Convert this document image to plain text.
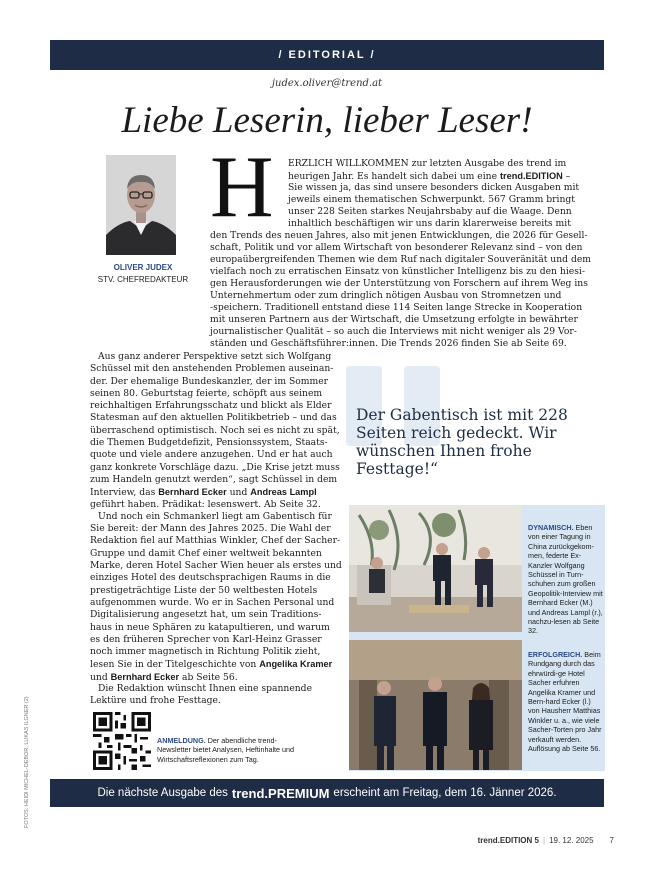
/ EDITORIAL /
judex.oliver@trend.at
Liebe Leserin, lieber Leser!
OLIVER JUDEX
STV. CHEFREDAKTEUR
H ERZLICH WILLKOMMEN zur letzten Ausgabe des trend im
heurigen Jahr. Es handelt sich dabei um eine trend.EDITION –
Sie wissen ja, das sind unsere besonders dicken Ausgaben mit
jeweils einem thematischen Schwerpunkt. 567 Gramm bringt
unser 228 Seiten starkes Neujahrsbaby auf die Waage. Denn
inhaltlich beschäftigen wir uns darin klarerweise bereits mit
den Trends des neuen Jahres, also mit jenen Entwicklungen, die 2026 für Gesell-
schaft, Politik und vor allem Wirtschaft von besonderer Relevanz sind – von den
europaübergreifenden Themen wie dem Ruf nach digitaler Souveränität und dem
vielfach noch zu erratischen Einsatz von künstlicher Intelligenz bis zu den hiesi-
gen Herausforderungen wie der Unterstützung von Forschern auf ihrem Weg ins
Unternehmertum oder zum dringlich nötigen Ausbau von Stromnetzen und
-speichern. Traditionell entstand diese 114 Seiten lange Strecke in Kooperation
mit unseren Partnern aus der Wirtschaft, die Umsetzung erfolgte in bewährter
journalistischer Qualität – so auch die Interviews mit nicht weniger als 29 Vor-
ständen und Geschäftsführer:innen. Die Trends 2026 finden Sie ab Seite 69.
Aus ganz anderer Perspektive setzt sich Wolfgang
Schüssel mit den anstehenden Problemen auseinan-
der. Der ehemalige Bundeskanzler, der im Sommer
seinen 80. Geburtstag feierte, schöpft aus seinem
reichhaltigen Erfahrungsschatz und blickt als Elder
Statesman auf den aktuellen Politikbetrieb – und das
überraschend optimistisch. Noch sei es nicht zu spät,
die Themen Budgetdefizit, Pensionssystem, Staats-
quote und viele andere anzugehen. Und er hat auch
ganz konkrete Vorschläge dazu. „Die Krise jetzt muss
zum Handeln genutzt werden“, sagt Schüssel in dem
Interview, das Bernhard Ecker und Andreas Lampl
geführt haben. Prädikat: lesenswert. Ab Seite 32.
Und noch ein Schmankerl liegt am Gabentisch für
Sie bereit: der Mann des Jahres 2025. Die Wahl der
Redaktion fiel auf Matthias Winkler, Chef der Sacher-
Gruppe und damit Chef einer weltweit bekannten
Marke, deren Hotel Sacher Wien heuer als erstes und
einziges Hotel des deutschsprachigen Raums in die
prestigeträchtige Liste der 50 weltbesten Hotels
aufgenommen wurde. Wo er in Sachen Personal und
Digitalisierung angesetzt hat, um sein Traditions-
haus in neue Sphären zu katapultieren, und warum
es den früheren Sprecher von Karl-Heinz Grasser
noch immer magnetisch in Richtung Politik zieht,
lesen Sie in der Titelgeschichte von Angelika Kramer
und Bernhard Ecker ab Seite 56.
Die Redaktion wünscht Ihnen eine spannende
Lektüre und frohe Festtage.
Der Gabentisch ist mit 228 Seiten reich gedeckt. Wir wünschen Ihnen frohe Festtage!“
DYNAMISCH. Eben von einer Tagung in China zurückgekom-men, federte Ex-Kanzler Wolfgang Schüssel in Turn-schuhen zum großen Geopolitik-Interview mit Bernhard Ecker (M.) und Andreas Lampl (r.), nachzu-lesen ab Seite 32.
ERFOLGREICH. Beim Rundgang durch das ehrwürdi-ge Hotel Sacher erfuhren Angelika Kramer und Bern-hard Ecker (l.) von Hausherr Matthias Winkler u. a., wie viele Sacher-Torten pro Jahr verkauft werden. Auflösung ab Seite 56.
ANMELDUNG. Der abendliche trend-Newsletter bietet Analysen, Heftinhalte und Wirtschaftsreflexionen zum Tag.
Die nächste Ausgabe des trend.PREMIUM erscheint am Freitag, dem 16. Jänner 2026.
FOTOS: HEIDI MICHEL-DEBOR, LUKAS ILGNER (2)
trend.EDITION 5 | 19. 12. 2025 7
